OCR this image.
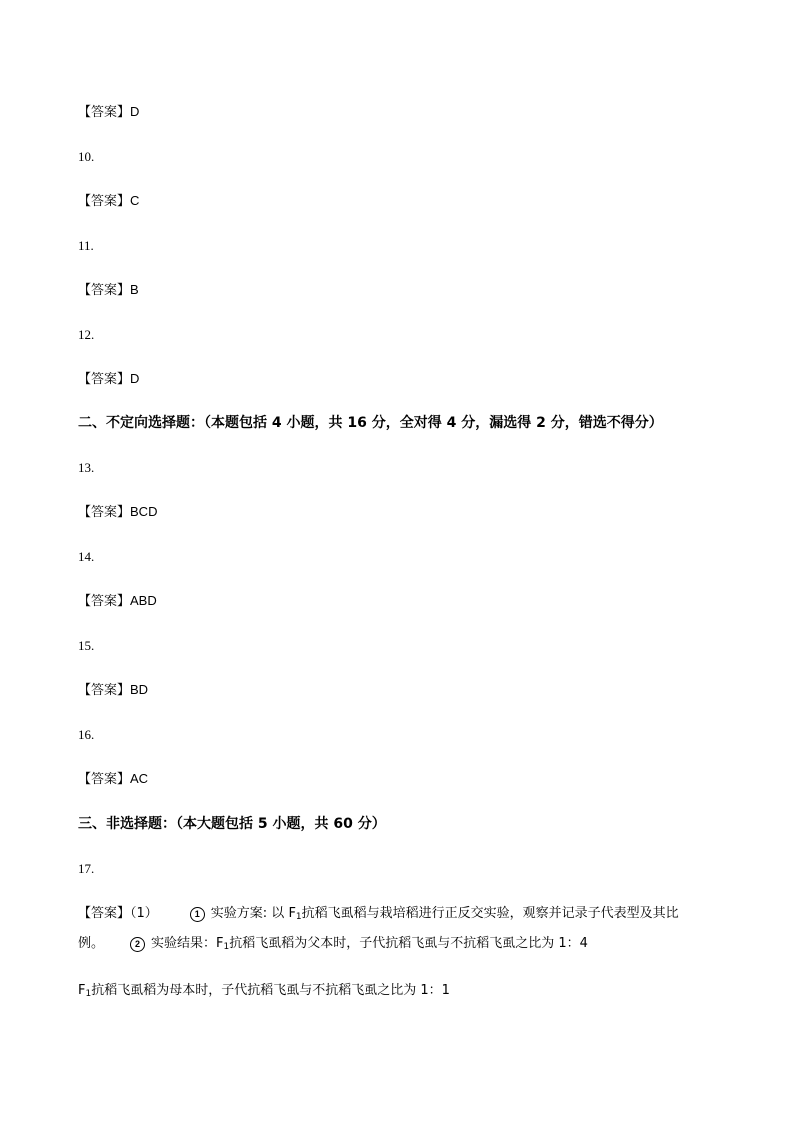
【答案】D
10.
【答案】C
11.
【答案】B
12.
【答案】D
二、不定向选择题：（本题包括 4 小题，共 16 分，全对得 4 分，漏选得 2 分，错选不得分）
13.
【答案】BCD
14.
【答案】ABD
15.
【答案】BD
16.
【答案】AC
三、非选择题：（本大题包括 5 小题，共 60 分）
17.
【答案】（1）	1 实验方案: 以 $F_1$抗稻飞虱稻与栽培稻进行正反交实验，观察并记录子代表型及其比
例。	2 实验结果：$F_1$抗稻飞虱稻为父本时，子代抗稻飞虱与不抗稻飞虱之比为 1：4
$F_1$抗稻飞虱稻为母本时，子代抗稻飞虱与不抗稻飞虱之比为 1：1
